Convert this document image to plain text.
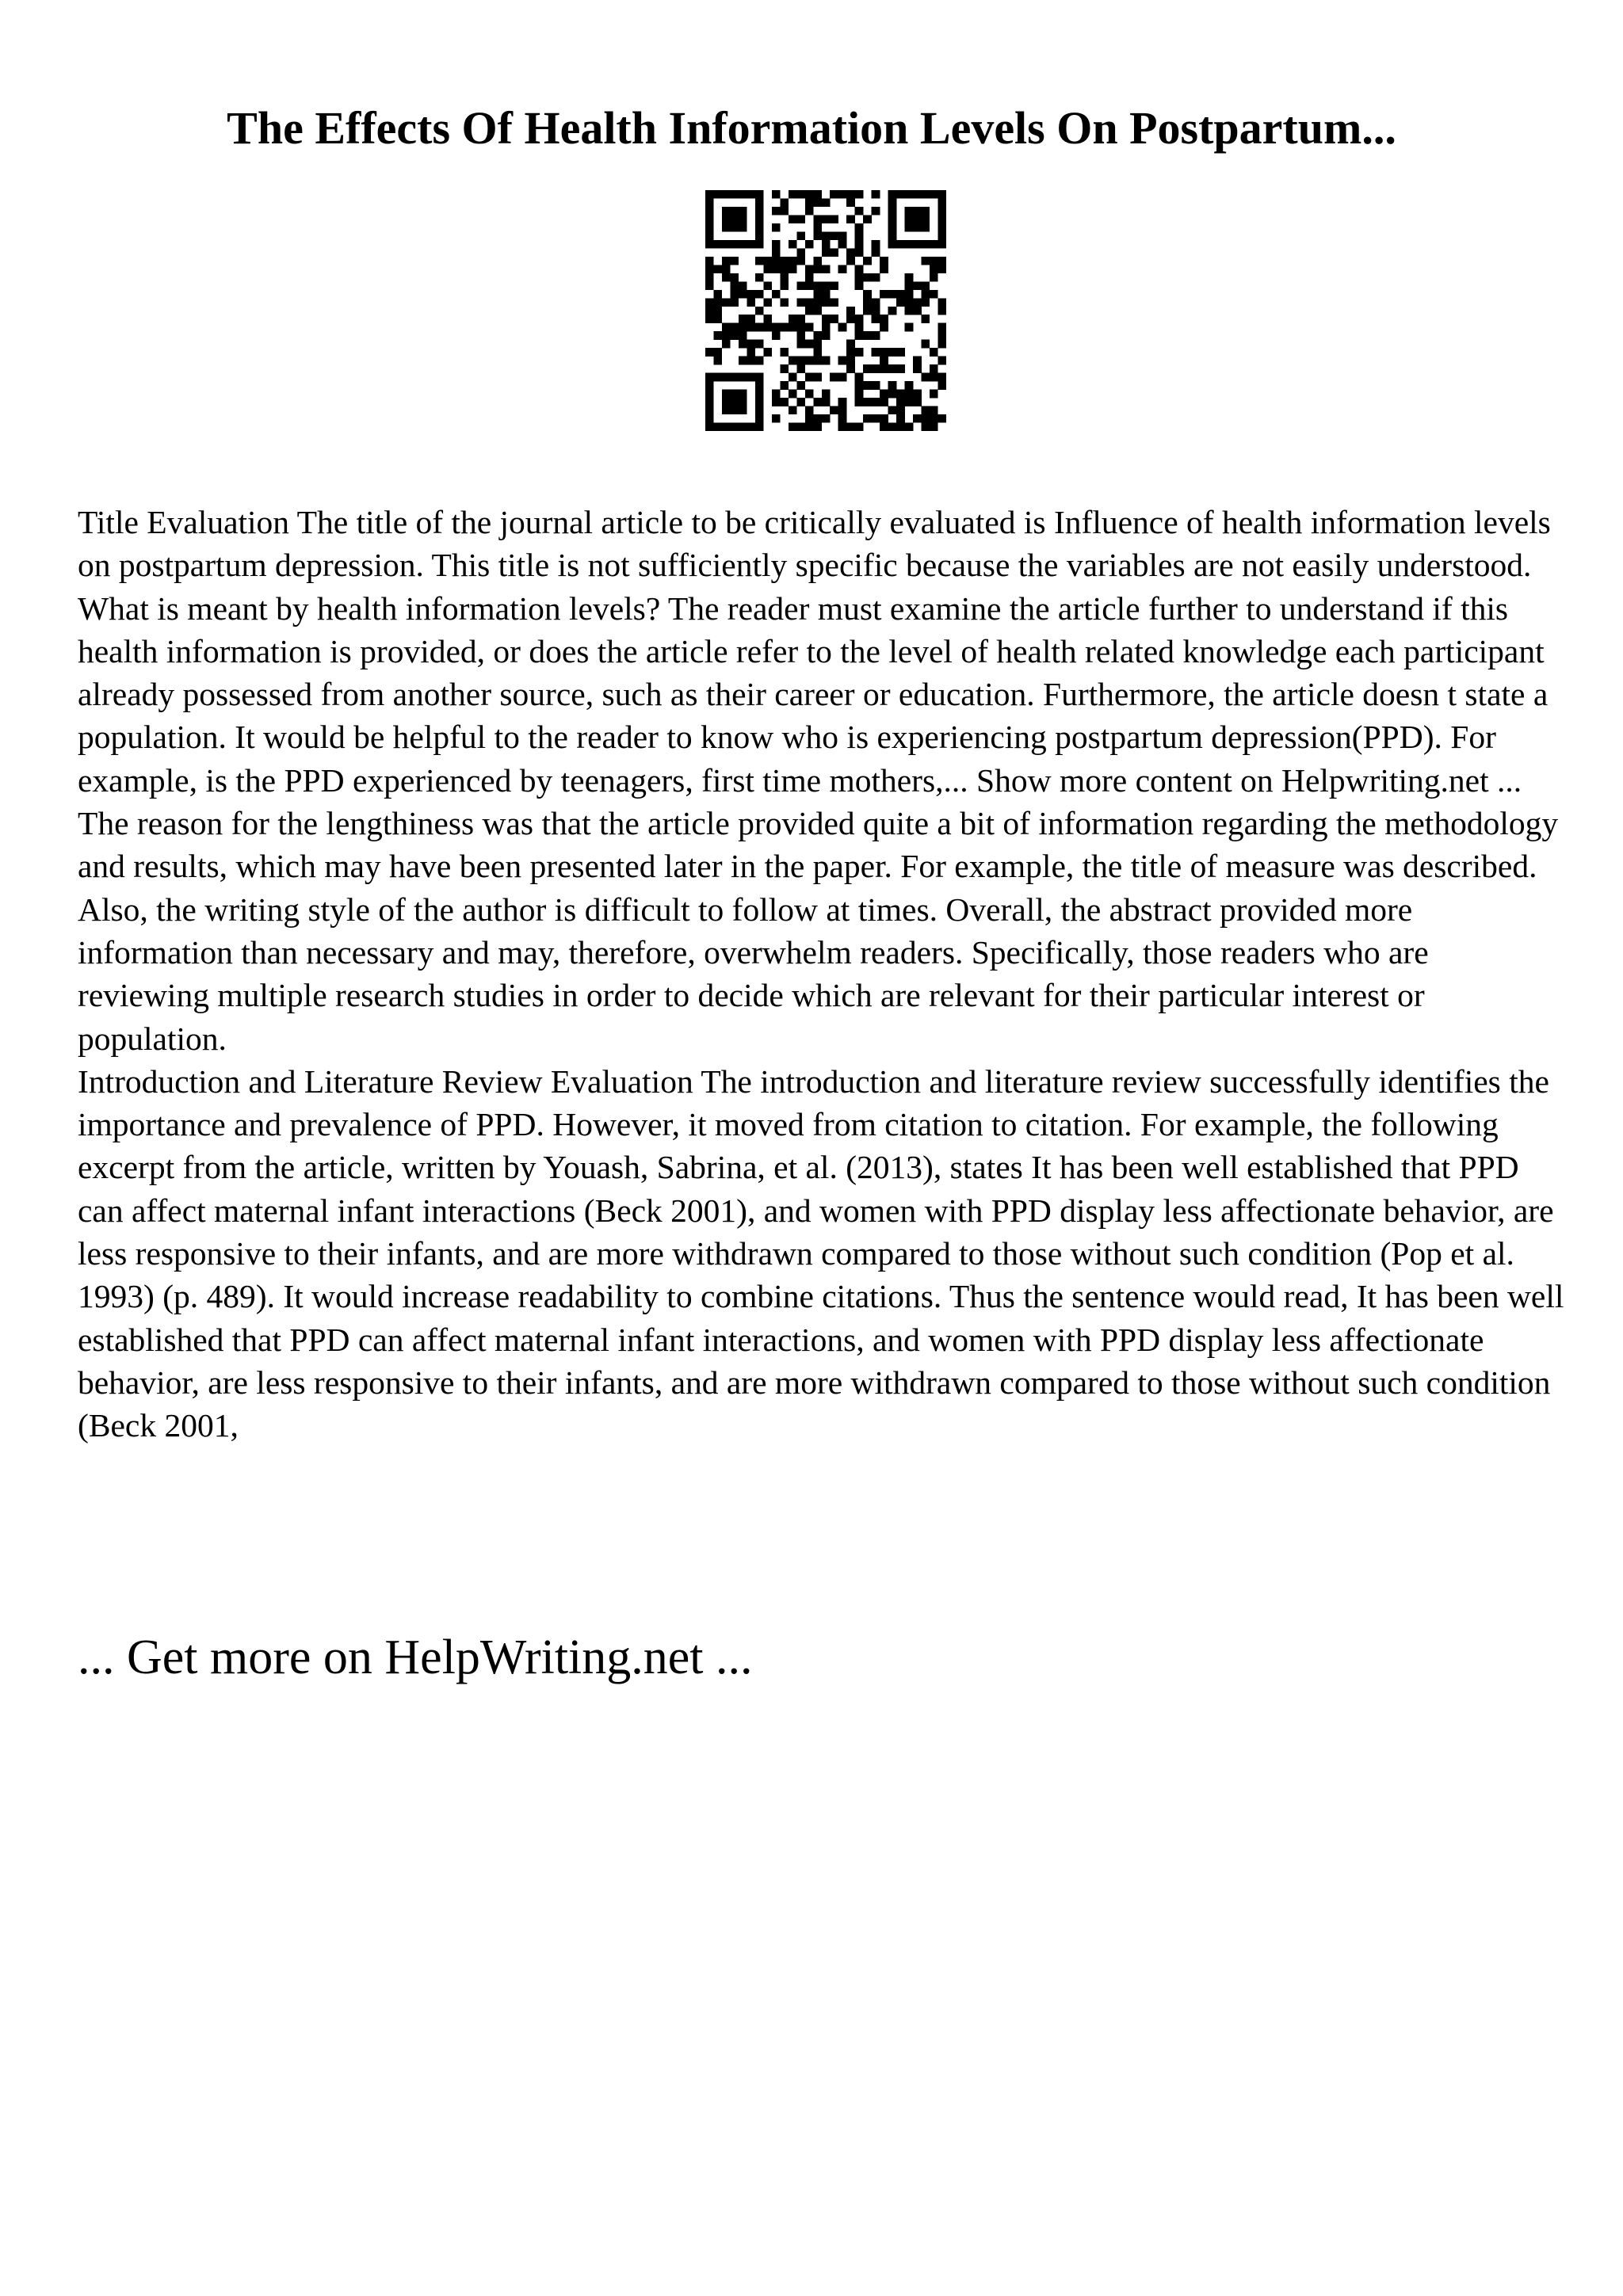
The Effects Of Health Information Levels On Postpartum...

Title Evaluation The title of the journal article to be critically evaluated is Influence of health information levels on postpartum depression. This title is not sufficiently specific because the variables are not easily understood. What is meant by health information levels? The reader must examine the article further to understand if this health information is provided, or does the article refer to the level of health related knowledge each participant already possessed from another source, such as their career or education. Furthermore, the article doesn t state a population. It would be helpful to the reader to know who is experiencing postpartum depression(PPD). For example, is the PPD experienced by teenagers, first time mothers,... Show more content on Helpwriting.net ...

The reason for the lengthiness was that the article provided quite a bit of information regarding the methodology and results, which may have been presented later in the paper. For example, the title of measure was described. Also, the writing style of the author is difficult to follow at times. Overall, the abstract provided more information than necessary and may, therefore, overwhelm readers. Specifically, those readers who are reviewing multiple research studies in order to decide which are relevant for their particular interest or population.

Introduction and Literature Review Evaluation The introduction and literature review successfully identifies the importance and prevalence of PPD. However, it moved from citation to citation. For example, the following excerpt from the article, written by Youash, Sabrina, et al. (2013), states It has been well established that PPD can affect maternal infant interactions (Beck 2001), and women with PPD display less affectionate behavior, are less responsive to their infants, and are more withdrawn compared to those without such condition (Pop et al. 1993) (p. 489). It would increase readability to combine citations. Thus the sentence would read, It has been well established that PPD can affect maternal infant interactions, and women with PPD display less affectionate behavior, are less responsive to their infants, and are more withdrawn compared to those without such condition (Beck 2001,

... Get more on HelpWriting.net ...
